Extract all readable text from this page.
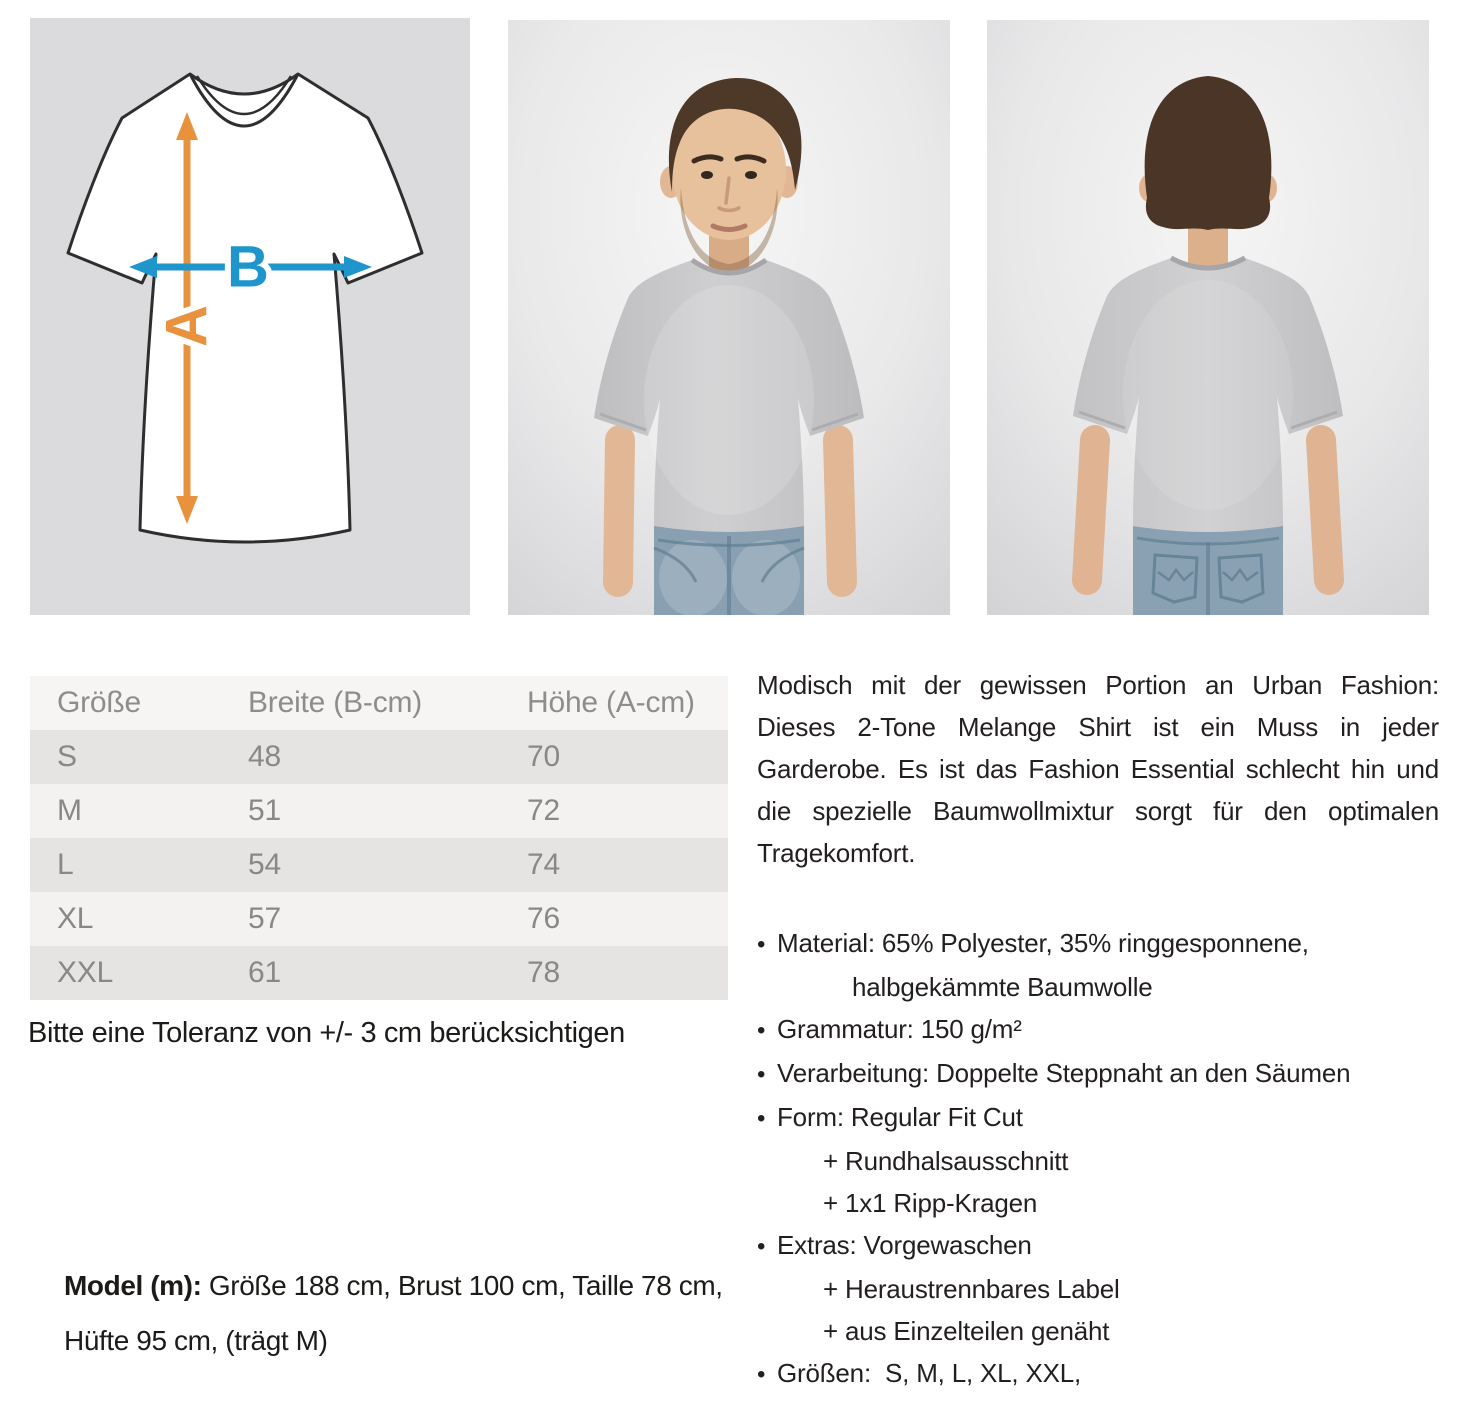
A
B
Größe	Breite (B-cm)	Höhe (A-cm)
S	48	70
M	51	72
L	54	74
XL	57	76
XXL	61	78

Bitte eine Toleranz von +/- 3 cm berücksichtigen

Model (m): Größe 188 cm, Brust 100 cm, Taille 78 cm,
Hüfte 95 cm, (trägt M)

Modisch mit der gewissen Portion an Urban Fashion: Dieses 2-Tone Melange Shirt ist ein Muss in jeder Garderobe. Es ist das Fashion Essential schlecht hin und die spezielle Baumwollmixtur sorgt für den optimalen Tragekomfort.

• Material: 65% Polyester, 35% ringgesponnene,
halbgekämmte Baumwolle
• Grammatur: 150 g/m²
• Verarbeitung: Doppelte Steppnaht an den Säumen
• Form: Regular Fit Cut
+ Rundhalsausschnitt
+ 1x1 Ripp-Kragen
• Extras: Vorgewaschen
+ Heraustrennbares Label
+ aus Einzelteilen genäht
• Größen:  S, M, L, XL, XXL,
